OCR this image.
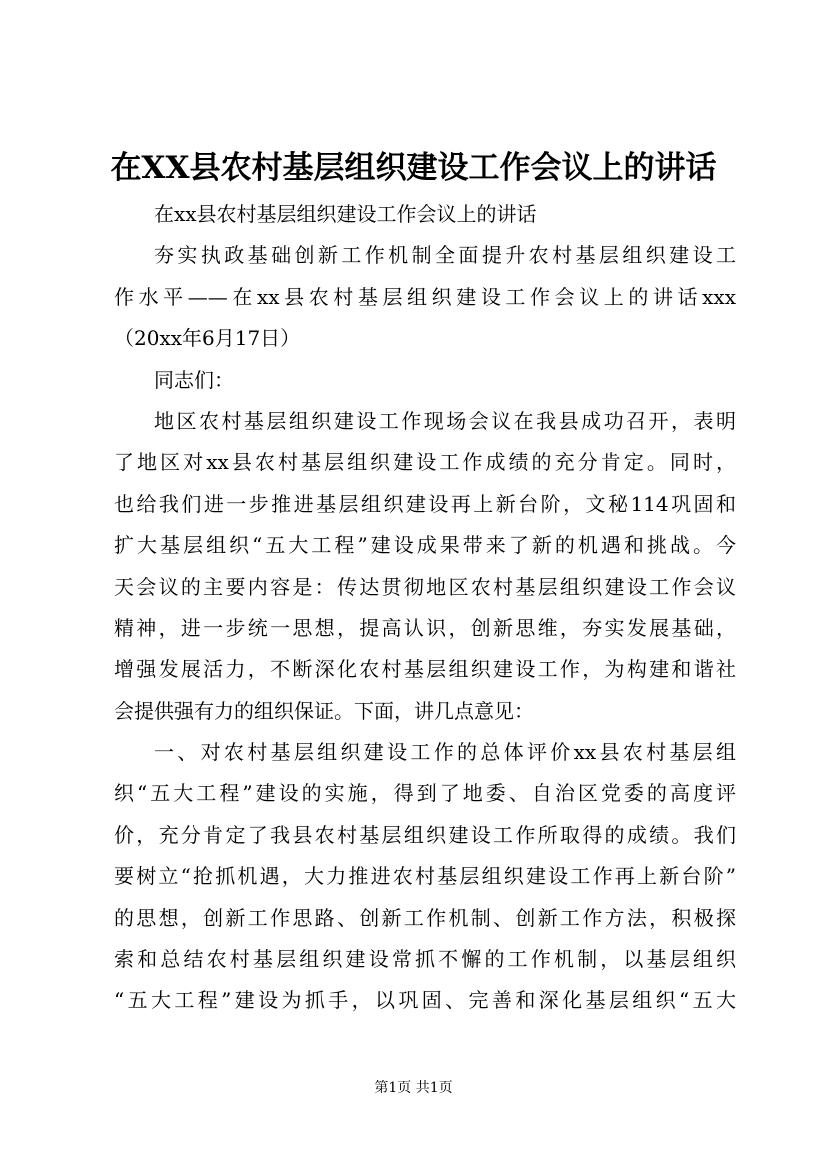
在XX县农村基层组织建设工作会议上的讲话
在xx县农村基层组织建设工作会议上的讲话
夯实执政基础创新工作机制全面提升农村基层组织建设工
作水平——在xx县农村基层组织建设工作会议上的讲话xxx
（20xx年6月17日）
同志们：
地区农村基层组织建设工作现场会议在我县成功召开，表明
了地区对xx县农村基层组织建设工作成绩的充分肯定。同时，
也给我们进一步推进基层组织建设再上新台阶，文秘114巩固和
扩大基层组织“五大工程”建设成果带来了新的机遇和挑战。今
天会议的主要内容是：传达贯彻地区农村基层组织建设工作会议
精神，进一步统一思想，提高认识，创新思维，夯实发展基础，
增强发展活力，不断深化农村基层组织建设工作，为构建和谐社
会提供强有力的组织保证。下面，讲几点意见：
一、对农村基层组织建设工作的总体评价xx县农村基层组
织“五大工程”建设的实施，得到了地委、自治区党委的高度评
价，充分肯定了我县农村基层组织建设工作所取得的成绩。我们
要树立“抢抓机遇，大力推进农村基层组织建设工作再上新台阶”
的思想，创新工作思路、创新工作机制、创新工作方法，积极探
索和总结农村基层组织建设常抓不懈的工作机制，以基层组织
“五大工程”建设为抓手，以巩固、完善和深化基层组织“五大
第1页 共1页
